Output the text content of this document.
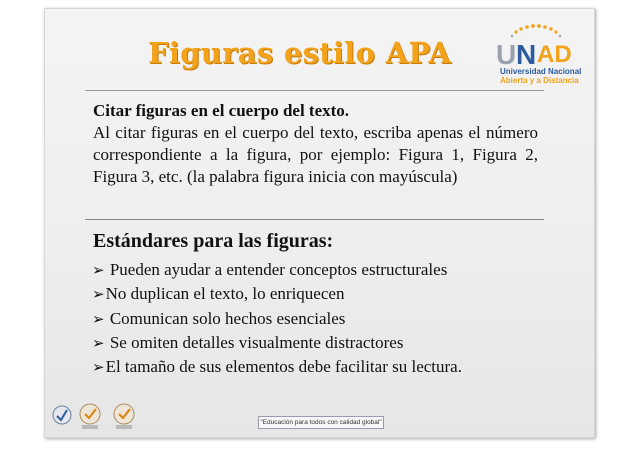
Figuras estilo APA U N AD
Universidad Nacional
Abierta y a Distancia
Citar figuras en el cuerpo del texto.
Al citar figuras en el cuerpo del texto, escriba apenas el número correspondiente a la figura, por ejemplo: Figura 1, Figura 2, Figura 3, etc. (la palabra figura inicia con mayúscula)
Estándares para las figuras:
➢ Pueden ayudar a entender conceptos estructurales
➢No duplican el texto, lo enriquecen
➢ Comunican solo hechos esenciales
➢ Se omiten detalles visualmente distractores
➢El tamaño de sus elementos debe facilitar su lectura.
"Educación para todos con calidad global"
